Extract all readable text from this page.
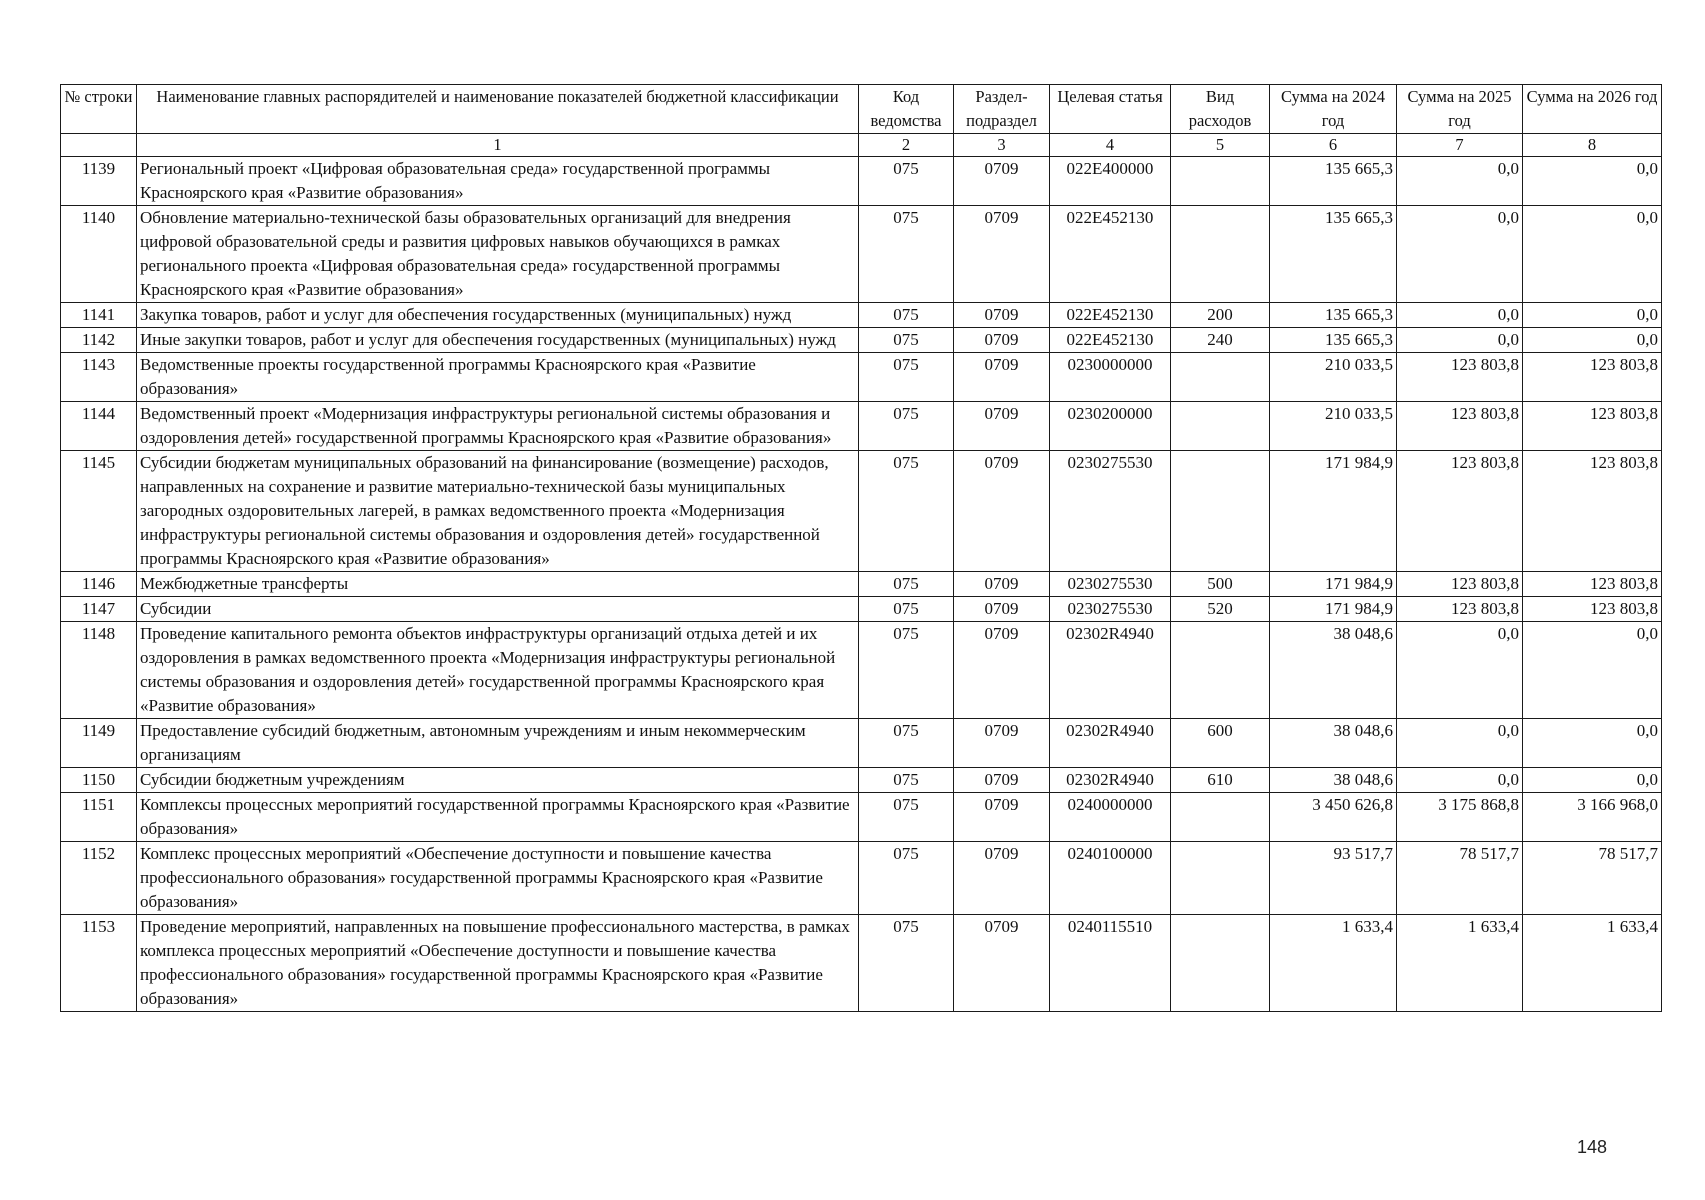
№ строки	Наименование главных распорядителей и наименование показателей бюджетной классификации	Код ведомства	Раздел-подраздел	Целевая статья	Вид расходов	Сумма на 2024 год	Сумма на 2025 год	Сумма на 2026 год
	1	2	3	4	5	6	7	8
1139	Региональный проект «Цифровая образовательная среда» государственной программы Красноярского края «Развитие образования»	075	0709	022Е400000		135 665,3	0,0	0,0
1140	Обновление материально-технической базы образовательных организаций для внедрения цифровой образовательной среды и развития цифровых навыков обучающихся в рамках регионального проекта «Цифровая образовательная среда» государственной программы Красноярского края «Развитие образования»	075	0709	022Е452130		135 665,3	0,0	0,0
1141	Закупка товаров, работ и услуг для обеспечения государственных (муниципальных) нужд	075	0709	022Е452130	200	135 665,3	0,0	0,0
1142	Иные закупки товаров, работ и услуг для обеспечения государственных (муниципальных) нужд	075	0709	022Е452130	240	135 665,3	0,0	0,0
1143	Ведомственные проекты государственной программы Красноярского края «Развитие образования»	075	0709	0230000000		210 033,5	123 803,8	123 803,8
1144	Ведомственный проект «Модернизация инфраструктуры региональной системы образования и оздоровления детей» государственной программы Красноярского края «Развитие образования»	075	0709	0230200000		210 033,5	123 803,8	123 803,8
1145	Субсидии бюджетам муниципальных образований на финансирование (возмещение) расходов, направленных на сохранение и развитие материально-технической базы муниципальных загородных оздоровительных лагерей, в рамках ведомственного проекта «Модернизация инфраструктуры региональной системы образования и оздоровления детей» государственной программы Красноярского края «Развитие образования»	075	0709	0230275530		171 984,9	123 803,8	123 803,8
1146	Межбюджетные трансферты	075	0709	0230275530	500	171 984,9	123 803,8	123 803,8
1147	Субсидии	075	0709	0230275530	520	171 984,9	123 803,8	123 803,8
1148	Проведение капитального ремонта объектов инфраструктуры организаций отдыха детей и их оздоровления в рамках ведомственного проекта «Модернизация инфраструктуры региональной системы образования и оздоровления детей» государственной программы Красноярского края «Развитие образования»	075	0709	02302R4940		38 048,6	0,0	0,0
1149	Предоставление субсидий бюджетным, автономным учреждениям и иным некоммерческим организациям	075	0709	02302R4940	600	38 048,6	0,0	0,0
1150	Субсидии бюджетным учреждениям	075	0709	02302R4940	610	38 048,6	0,0	0,0
1151	Комплексы процессных мероприятий государственной программы Красноярского края «Развитие образования»	075	0709	0240000000		3 450 626,8	3 175 868,8	3 166 968,0
1152	Комплекс процессных мероприятий «Обеспечение доступности и повышение качества профессионального образования» государственной программы Красноярского края «Развитие образования»	075	0709	0240100000		93 517,7	78 517,7	78 517,7
1153	Проведение мероприятий, направленных на повышение профессионального мастерства, в рамках комплекса процессных мероприятий «Обеспечение доступности и повышение качества профессионального образования» государственной программы Красноярского края «Развитие образования»	075	0709	0240115510		1 633,4	1 633,4	1 633,4
148
